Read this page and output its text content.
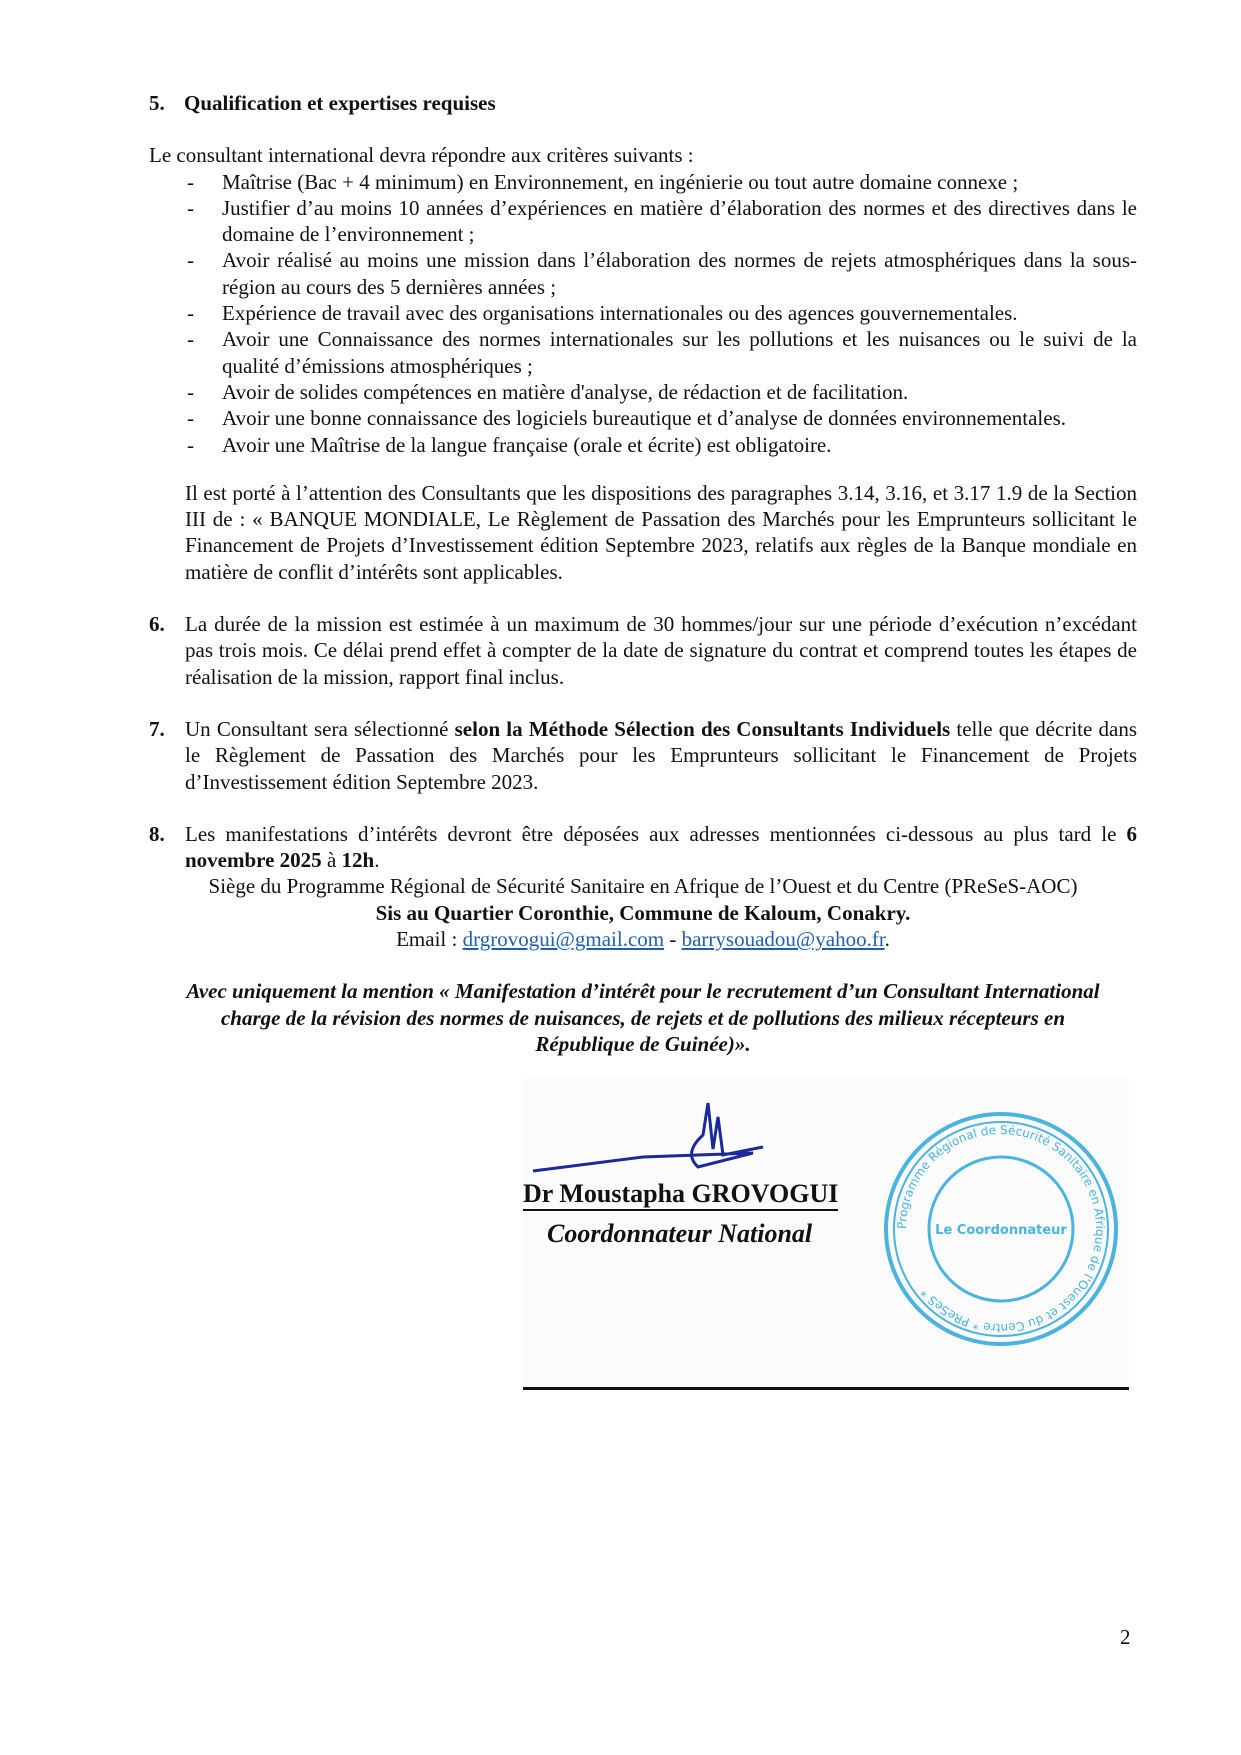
5. Qualification et expertises requises
Le consultant international devra répondre aux critères suivants :
- Maîtrise (Bac + 4 minimum) en Environnement, en ingénierie ou tout autre domaine connexe ;
- Justifier d’au moins 10 années d’expériences en matière d’élaboration des normes et des directives dans le domaine de l’environnement ;
- Avoir réalisé au moins une mission dans l’élaboration des normes de rejets atmosphériques dans la sous- région au cours des 5 dernières années ;
- Expérience de travail avec des organisations internationales ou des agences gouvernementales.
- Avoir une Connaissance des normes internationales sur les pollutions et les nuisances ou le suivi de la qualité d’émissions atmosphériques ;
- Avoir de solides compétences en matière d'analyse, de rédaction et de facilitation.
- Avoir une bonne connaissance des logiciels bureautique et d’analyse de données environnementales.
- Avoir une Maîtrise de la langue française (orale et écrite) est obligatoire.
Il est porté à l’attention des Consultants que les dispositions des paragraphes 3.14, 3.16, et 3.17 1.9 de la Section III de : « BANQUE MONDIALE, Le Règlement de Passation des Marchés pour les Emprunteurs sollicitant le Financement de Projets d’Investissement édition Septembre 2023, relatifs aux règles de la Banque mondiale en matière de conflit d’intérêts sont applicables.
6. La durée de la mission est estimée à un maximum de 30 hommes/jour sur une période d’exécution n’excédant pas trois mois. Ce délai prend effet à compter de la date de signature du contrat et comprend toutes les étapes de réalisation de la mission, rapport final inclus.
7. Un Consultant sera sélectionné selon la Méthode Sélection des Consultants Individuels telle que décrite dans le Règlement de Passation des Marchés pour les Emprunteurs sollicitant le Financement de Projets d’Investissement édition Septembre 2023.
8. Les manifestations d’intérêts devront être déposées aux adresses mentionnées ci-dessous au plus tard le 6 novembre 2025 à 12h.
Siège du Programme Régional de Sécurité Sanitaire en Afrique de l’Ouest et du Centre (PReSeS-AOC)
Sis au Quartier Coronthie, Commune de Kaloum, Conakry.
Email : drgrovogui@gmail.com - barrysouadou@yahoo.fr.
Avec uniquement la mention « Manifestation d’intérêt pour le recrutement d’un Consultant International charge de la révision des normes de nuisances, de rejets et de pollutions des milieux récepteurs en République de Guinée)».
Programme Régional de Sécurité Sanitaire en Afrique de l'Ouest et du Centre * PReSeS *
Le Coordonnateur
Dr Moustapha GROVOGUI
Coordonnateur National
2
